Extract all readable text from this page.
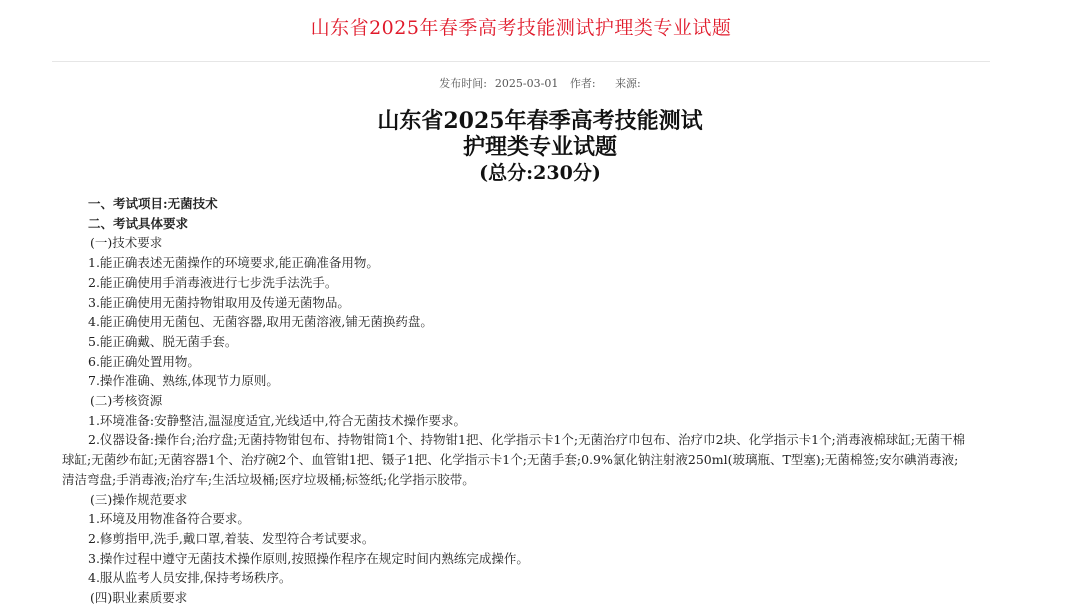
山东省2025年春季高考技能测试护理类专业试题
发布时间: 2025-03-01 作者: 来源:
山东省2025年春季高考技能测试
护理类专业试题
(总分:230分)

一、考试项目:无菌技术

二、考试具体要求

(一)技术要求

1.能正确表述无菌操作的环境要求,能正确准备用物。

2.能正确使用手消毒液进行七步洗手法洗手。

3.能正确使用无菌持物钳取用及传递无菌物品。

4.能正确使用无菌包、无菌容器,取用无菌溶液,铺无菌换药盘。

5.能正确戴、脱无菌手套。

6.能正确处置用物。

7.操作准确、熟练,体现节力原则。

(二)考核资源

1.环境准备:安静整洁,温湿度适宜,光线适中,符合无菌技术操作要求。

2.仪器设备:操作台;治疗盘;无菌持物钳包布、持物钳筒1个、持物钳1把、化学指示卡1个;无菌治疗巾包布、治疗巾2块、化学指示卡1个;消毒液棉球缸;无菌干棉球缸;无菌纱布缸;无菌容器1个、治疗碗2个、血管钳1把、镊子1把、化学指示卡1个;无菌手套;0.9%氯化钠注射液250ml(玻璃瓶、T型塞);无菌棉签;安尔碘消毒液;清洁弯盘;手消毒液;治疗车;生活垃圾桶;医疗垃圾桶;标签纸;化学指示胶带。

(三)操作规范要求

1.环境及用物准备符合要求。

2.修剪指甲,洗手,戴口罩,着装、发型符合考试要求。

3.操作过程中遵守无菌技术操作原则,按照操作程序在规定时间内熟练完成操作。

4.服从监考人员安排,保持考场秩序。

(四)职业素质要求
